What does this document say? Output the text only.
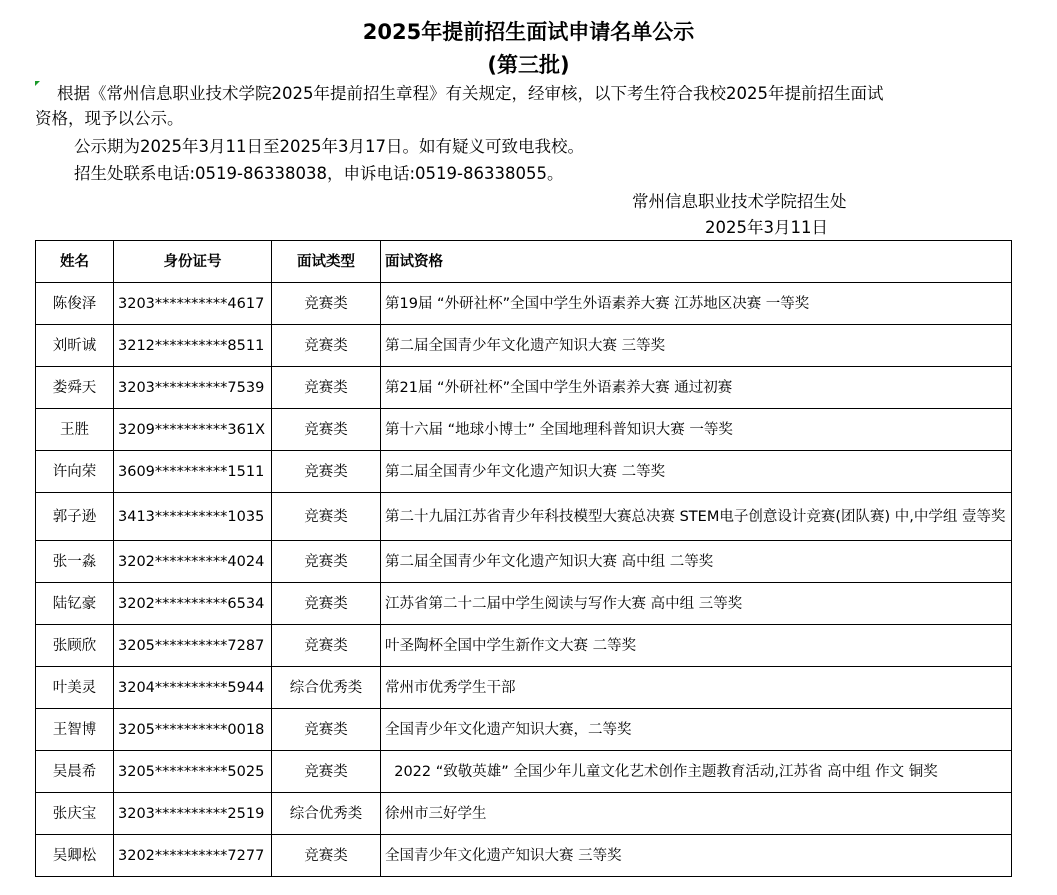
2025年提前招生面试申请名单公示
(第三批)
根据《常州信息职业技术学院2025年提前招生章程》有关规定，经审核，以下考生符合我校2025年提前招生面试
资格，现予以公示。
公示期为2025年3月11日至2025年3月17日。如有疑义可致电我校。
招生处联系电话:0519-86338038，申诉电话:0519-86338055。
常州信息职业技术学院招生处
2025年3月11日
姓名	身份证号	面试类型	面试资格
陈俊泽	3203**********4617	竞赛类	第19届 “外研社杯”全国中学生外语素养大赛 江苏地区决赛 一等奖
刘昕诚	3212**********8511	竞赛类	第二届全国青少年文化遗产知识大赛 三等奖
娄舜天	3203**********7539	竞赛类	第21届 “外研社杯”全国中学生外语素养大赛 通过初赛
王胜	3209**********361X	竞赛类	第十六届 “地球小博士” 全国地理科普知识大赛 一等奖
许向荣	3609**********1511	竞赛类	第二届全国青少年文化遗产知识大赛 二等奖
郭子逊	3413**********1035	竞赛类	第二十九届江苏省青少年科技模型大赛总决赛 STEM电子创意设计竞赛(团队赛) 中,中学组 壹等奖
张一淼	3202**********4024	竞赛类	第二届全国青少年文化遗产知识大赛 高中组 二等奖
陆钇豪	3202**********6534	竞赛类	江苏省第二十二届中学生阅读与写作大赛 高中组 三等奖
张顾欣	3205**********7287	竞赛类	叶圣陶杯全国中学生新作文大赛 二等奖
叶美灵	3204**********5944	综合优秀类	常州市优秀学生干部
王智博	3205**********0018	竞赛类	全国青少年文化遗产知识大赛，二等奖
吴晨希	3205**********5025	竞赛类	2022 “致敬英雄” 全国少年儿童文化艺术创作主题教育活动,江苏省 高中组 作文 铜奖
张庆宝	3203**********2519	综合优秀类	徐州市三好学生
吴卿松	3202**********7277	竞赛类	全国青少年文化遗产知识大赛 三等奖
